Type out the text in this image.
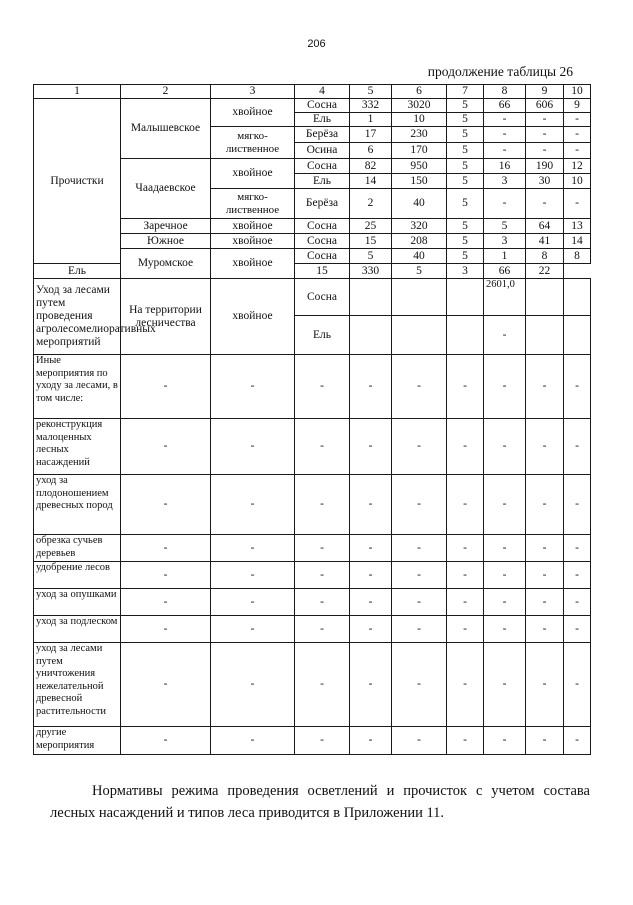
206
продолжение таблицы 26
1	2	3	4	5	6	7	8	9	10
Прочистки	Малышевское	хвойное	Сосна	332	3020	5	66	606	9
			Ель	1	10	5	-	-	-
		мягко-лиственное	Берёза	17	230	5	-	-	-
			Осина	6	170	5	-	-	-
	Чаадаевское	хвойное	Сосна	82	950	5	16	190	12
			Ель	14	150	5	3	30	10
		мягко-лиственное	Берёза	2	40	5	-	-	-
	Заречное	хвойное	Сосна	25	320	5	5	64	13
	Южное	хвойное	Сосна	15	208	5	3	41	14
	Муромское	хвойное	Сосна	5	40	5	1	8	8
Ель			15	330	5	3	66	22	
Уход за лесами путем проведения агролесомелиоративных мероприятий	На территории лесничества	хвойное	Сосна				2601,0		
			Ель				-		
Иные мероприятия по уходу за лесами, в том числе:	-	-	-	-	-	-	-	-	-
реконструкция малоценных лесных насаждений	-	-	-	-	-	-	-	-	-
уход за плодоношением древесных пород	-	-	-	-	-	-	-	-	-
обрезка сучьев деревьев	-	-	-	-	-	-	-	-	-
удобрение лесов	-	-	-	-	-	-	-	-	-
уход за опушками	-	-	-	-	-	-	-	-	-
уход за подлеском	-	-	-	-	-	-	-	-	-
уход за лесами путем уничтожения нежелательной древесной растительности	-	-	-	-	-	-	-	-	-
другие мероприятия	-	-	-	-	-	-	-	-	-
Нормативы режима проведения осветлений и прочисток с учетом состава лесных насаждений и типов леса приводится в Приложении 11.
